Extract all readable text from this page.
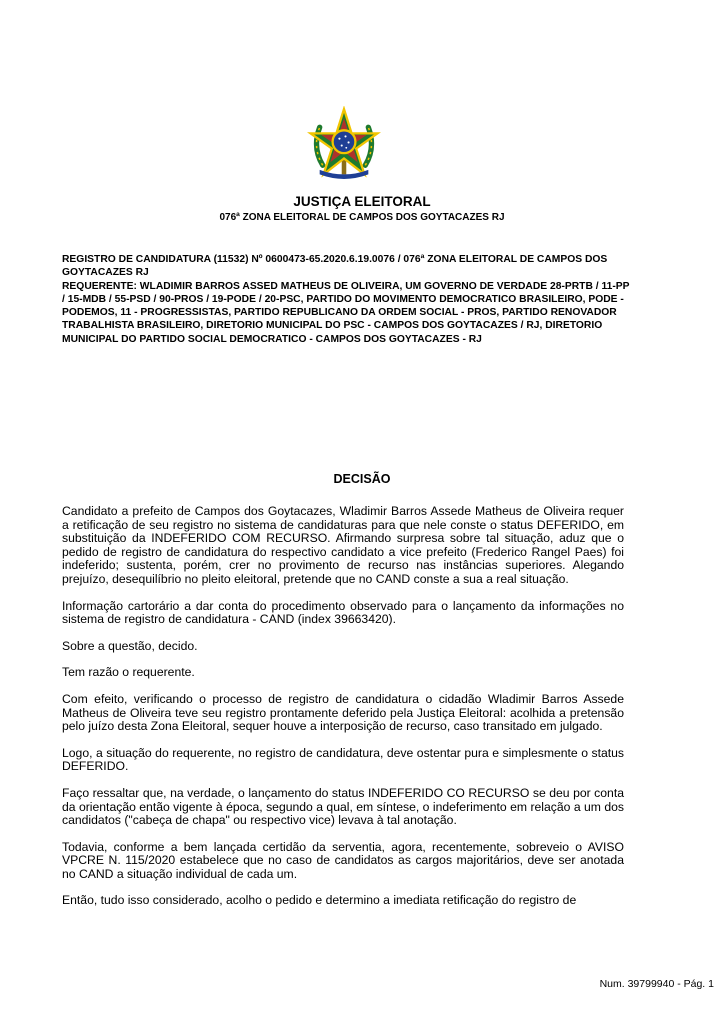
JUSTIÇA ELEITORAL
076ª ZONA ELEITORAL DE CAMPOS DOS GOYTACAZES RJ

REGISTRO DE CANDIDATURA (11532) Nº 0600473-65.2020.6.19.0076 / 076ª ZONA ELEITORAL DE CAMPOS DOS GOYTACAZES RJ

REQUERENTE: WLADIMIR BARROS ASSED MATHEUS DE OLIVEIRA, UM GOVERNO DE VERDADE 28-PRTB / 11-PP / 15-MDB / 55-PSD / 90-PROS / 19-PODE / 20-PSC, PARTIDO DO MOVIMENTO DEMOCRATICO BRASILEIRO, PODE - PODEMOS, 11 - PROGRESSISTAS, PARTIDO REPUBLICANO DA ORDEM SOCIAL - PROS, PARTIDO RENOVADOR TRABALHISTA BRASILEIRO, DIRETORIO MUNICIPAL DO PSC - CAMPOS DOS GOYTACAZES / RJ, DIRETORIO MUNICIPAL DO PARTIDO SOCIAL DEMOCRATICO - CAMPOS DOS GOYTACAZES - RJ

DECISÃO

Candidato a prefeito de Campos dos Goytacazes, Wladimir Barros Assede Matheus de Oliveira requer a retificação de seu registro no sistema de candidaturas para que nele conste o status DEFERIDO, em substituição da INDEFERIDO COM RECURSO. Afirmando surpresa sobre tal situação, aduz que o pedido de registro de candidatura do respectivo candidato a vice prefeito (Frederico Rangel Paes) foi indeferido; sustenta, porém, crer no provimento de recurso nas instâncias superiores. Alegando prejuízo, desequilíbrio no pleito eleitoral, pretende que no CAND conste a sua a real situação.

Informação cartorário a dar conta do procedimento observado para o lançamento da informações no sistema de registro de candidatura - CAND (index 39663420).

Sobre a questão, decido.

Tem razão o requerente.

Com efeito, verificando o processo de registro de candidatura o cidadão Wladimir Barros Assede Matheus de Oliveira teve seu registro prontamente deferido pela Justiça Eleitoral: acolhida a pretensão pelo juízo desta Zona Eleitoral, sequer houve a interposição de recurso, caso transitado em julgado.

Logo, a situação do requerente, no registro de candidatura, deve ostentar pura e simplesmente o status DEFERIDO.

Faço ressaltar que, na verdade, o lançamento do status INDEFERIDO CO RECURSO se deu por conta da orientação então vigente à época, segundo a qual, em síntese, o indeferimento em relação a um dos candidatos ("cabeça de chapa" ou respectivo vice) levava à tal anotação.

Todavia, conforme a bem lançada certidão da serventia, agora, recentemente, sobreveio o AVISO VPCRE N. 115/2020 estabelece que no caso de candidatos as cargos majoritários, deve ser anotada no CAND a situação individual de cada um.

Então, tudo isso considerado, acolho o pedido e determino a imediata retificação do registro de

Num. 39799940 - Pág. 1
